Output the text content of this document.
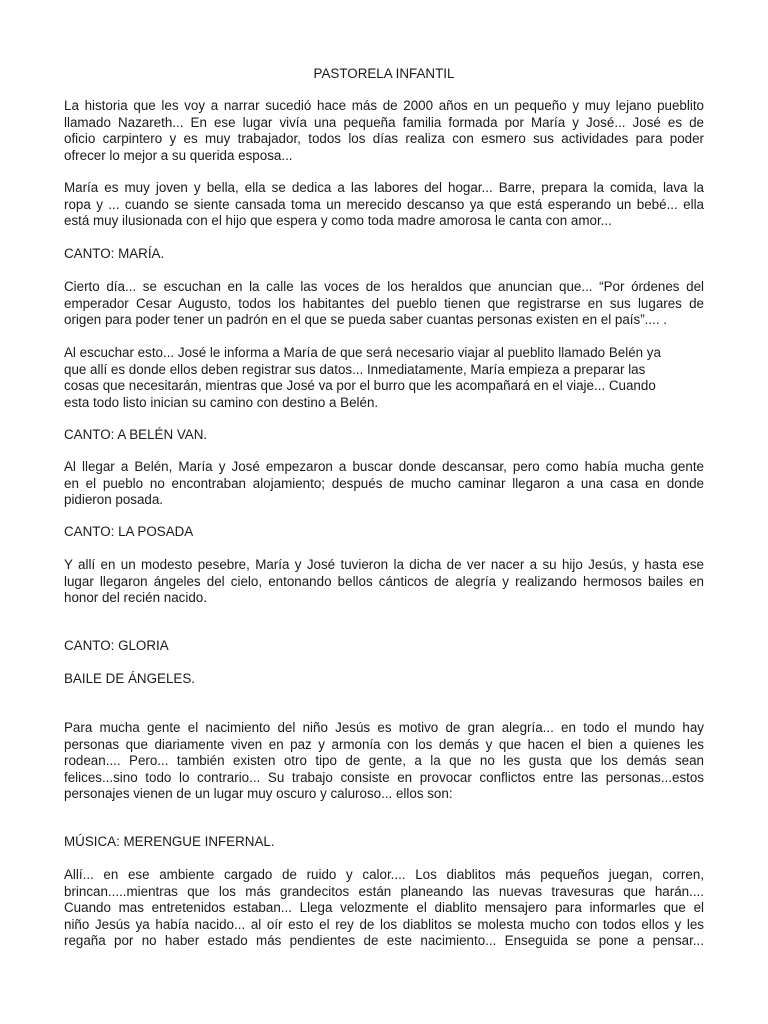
PASTORELA INFANTIL
La historia que les voy a narrar sucedió hace más de 2000 años en un pequeño y muy lejano pueblito
llamado Nazareth... En ese lugar vivía una pequeña familia formada por María y José... José es de
oficio carpintero y es muy trabajador, todos los días realiza con esmero sus actividades para poder
ofrecer lo mejor a su querida esposa...
María es muy joven y bella, ella se dedica a las labores del hogar... Barre, prepara la comida, lava la
ropa y ... cuando se siente cansada toma un merecido descanso ya que está esperando un bebé... ella
está muy ilusionada con el hijo que espera y como toda madre amorosa le canta con amor...
CANTO: MARÍA.
Cierto día... se escuchan en la calle las voces de los heraldos que anuncian que... “Por órdenes del
emperador Cesar Augusto, todos los habitantes del pueblo tienen que registrarse en sus lugares de
origen para poder tener un padrón en el que se pueda saber cuantas personas existen en el país”.... .
Al escuchar esto... José le informa a María de que será necesario viajar al pueblito llamado Belén ya
que allí es donde ellos deben registrar sus datos... Inmediatamente, María empieza a preparar las
cosas que necesitarán, mientras que José va por el burro que les acompañará en el viaje... Cuando
esta todo listo inician su camino con destino a Belén.
CANTO: A BELÉN VAN.
Al llegar a Belén, María y José empezaron a buscar donde descansar, pero como había mucha gente
en el pueblo no encontraban alojamiento; después de mucho caminar llegaron a una casa en donde
pidieron posada.
CANTO: LA POSADA
Y allí en un modesto pesebre, María y José tuvieron la dicha de ver nacer a su hijo Jesús, y hasta ese
lugar llegaron ángeles del cielo, entonando bellos cánticos de alegría y realizando hermosos bailes en
honor del recién nacido.
CANTO: GLORIA
BAILE DE ÁNGELES.
Para mucha gente el nacimiento del niño Jesús es motivo de gran alegría... en todo el mundo hay
personas que diariamente viven en paz y armonía con los demás y que hacen el bien a quienes les
rodean.... Pero... también existen otro tipo de gente, a la que no les gusta que los demás sean
felices...sino todo lo contrario... Su trabajo consiste en provocar conflictos entre las personas...estos
personajes vienen de un lugar muy oscuro y caluroso... ellos son:
MÚSICA: MERENGUE INFERNAL.
Allí... en ese ambiente cargado de ruido y calor.... Los diablitos más pequeños juegan, corren,
brincan.....mientras que los más grandecitos están planeando las nuevas travesuras que harán....
Cuando mas entretenidos estaban... Llega velozmente el diablito mensajero para informarles que el
niño Jesús ya había nacido... al oír esto el rey de los diablitos se molesta mucho con todos ellos y les
regaña por no haber estado más pendientes de este nacimiento... Enseguida se pone a pensar...
